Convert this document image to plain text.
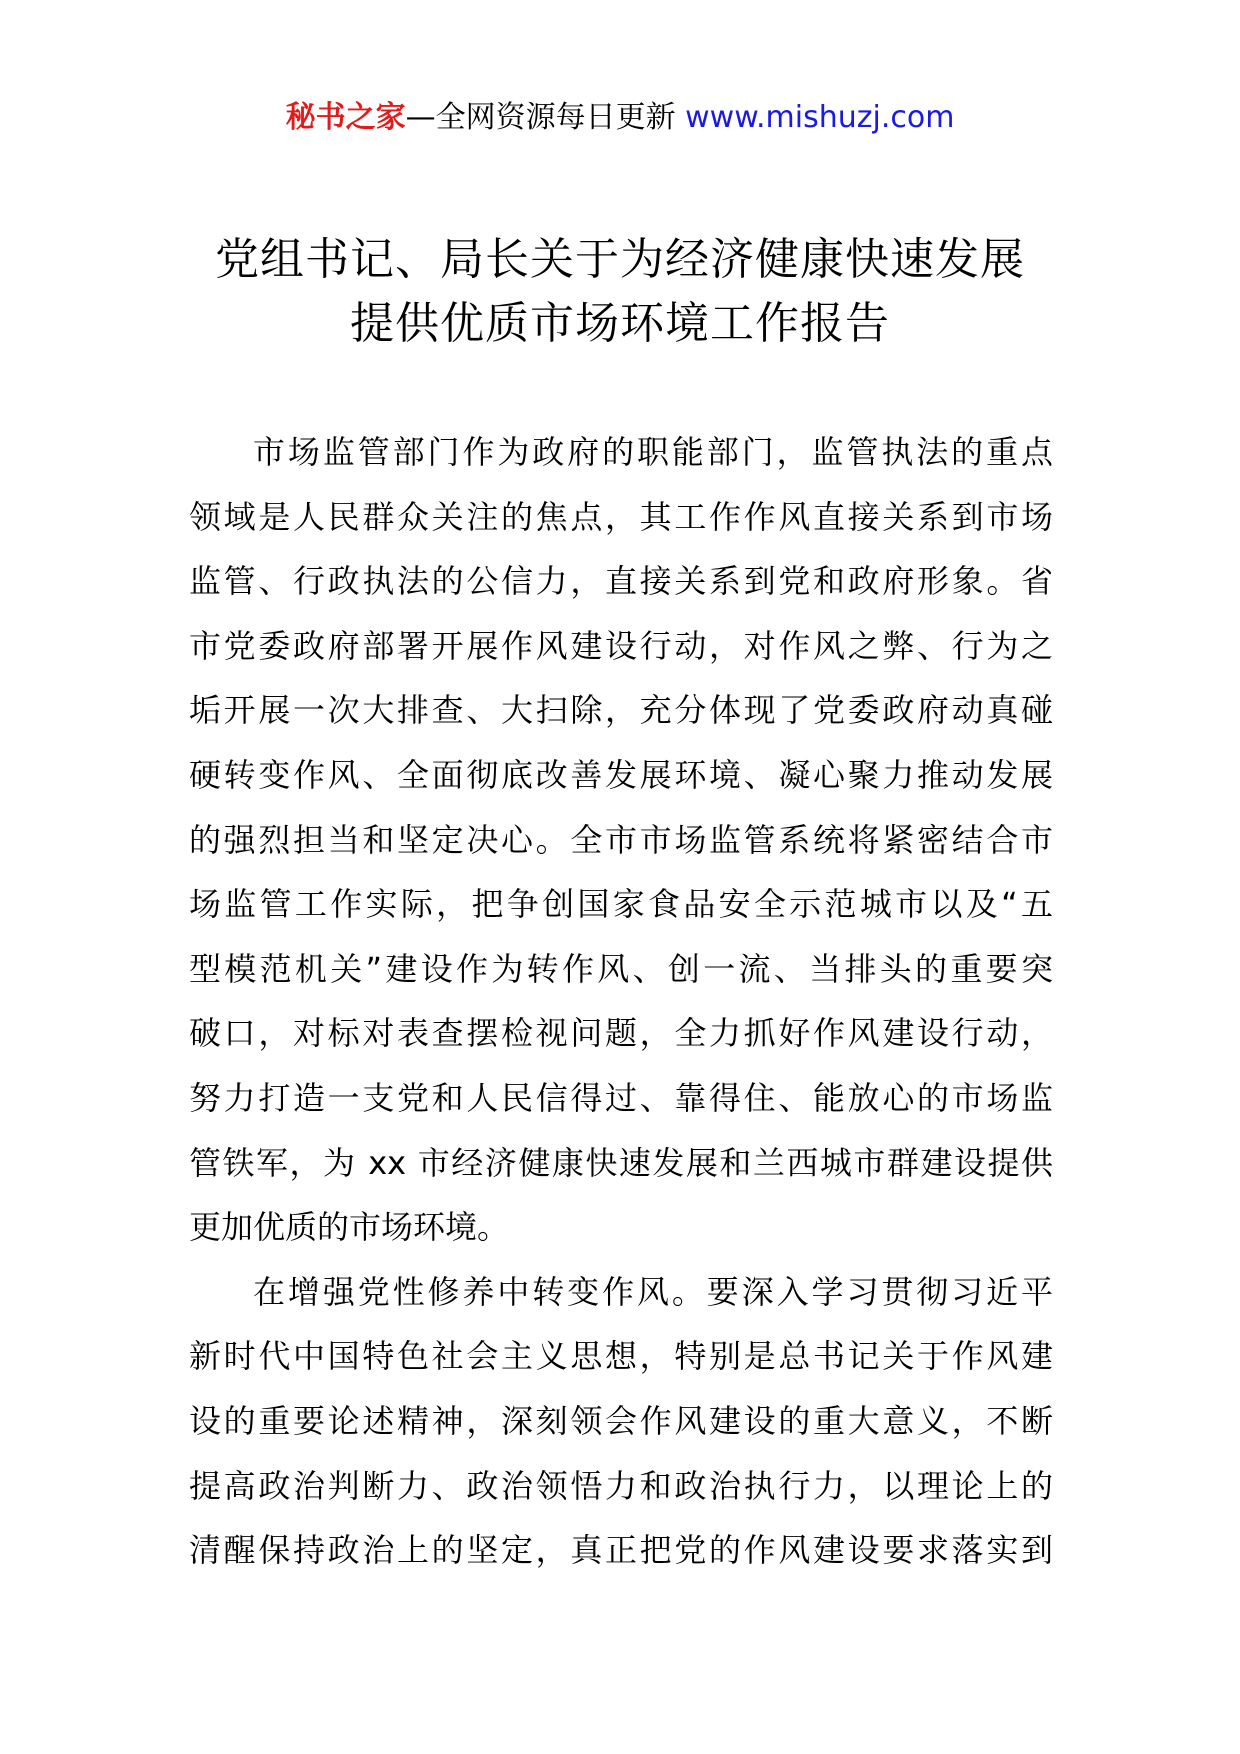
秘书之家—全网资源每日更新 www.mishuzj.com
党组书记、局长关于为经济健康快速发展
提供优质市场环境工作报告
市场监管部门作为政府的职能部门，监管执法的重点
领域是人民群众关注的焦点，其工作作风直接关系到市场
监管、行政执法的公信力，直接关系到党和政府形象。省
市党委政府部署开展作风建设行动，对作风之弊、行为之
垢开展一次大排查、大扫除，充分体现了党委政府动真碰
硬转变作风、全面彻底改善发展环境、凝心聚力推动发展
的强烈担当和坚定决心。全市市场监管系统将紧密结合市
场监管工作实际，把争创国家食品安全示范城市以及“五
型模范机关”建设作为转作风、创一流、当排头的重要突
破口，对标对表查摆检视问题，全力抓好作风建设行动，
努力打造一支党和人民信得过、靠得住、能放心的市场监
管铁军，为 xx 市经济健康快速发展和兰西城市群建设提供
更加优质的市场环境。
在增强党性修养中转变作风。要深入学习贯彻习近平
新时代中国特色社会主义思想，特别是总书记关于作风建
设的重要论述精神，深刻领会作风建设的重大意义，不断
提高政治判断力、政治领悟力和政治执行力，以理论上的
清醒保持政治上的坚定，真正把党的作风建设要求落实到
